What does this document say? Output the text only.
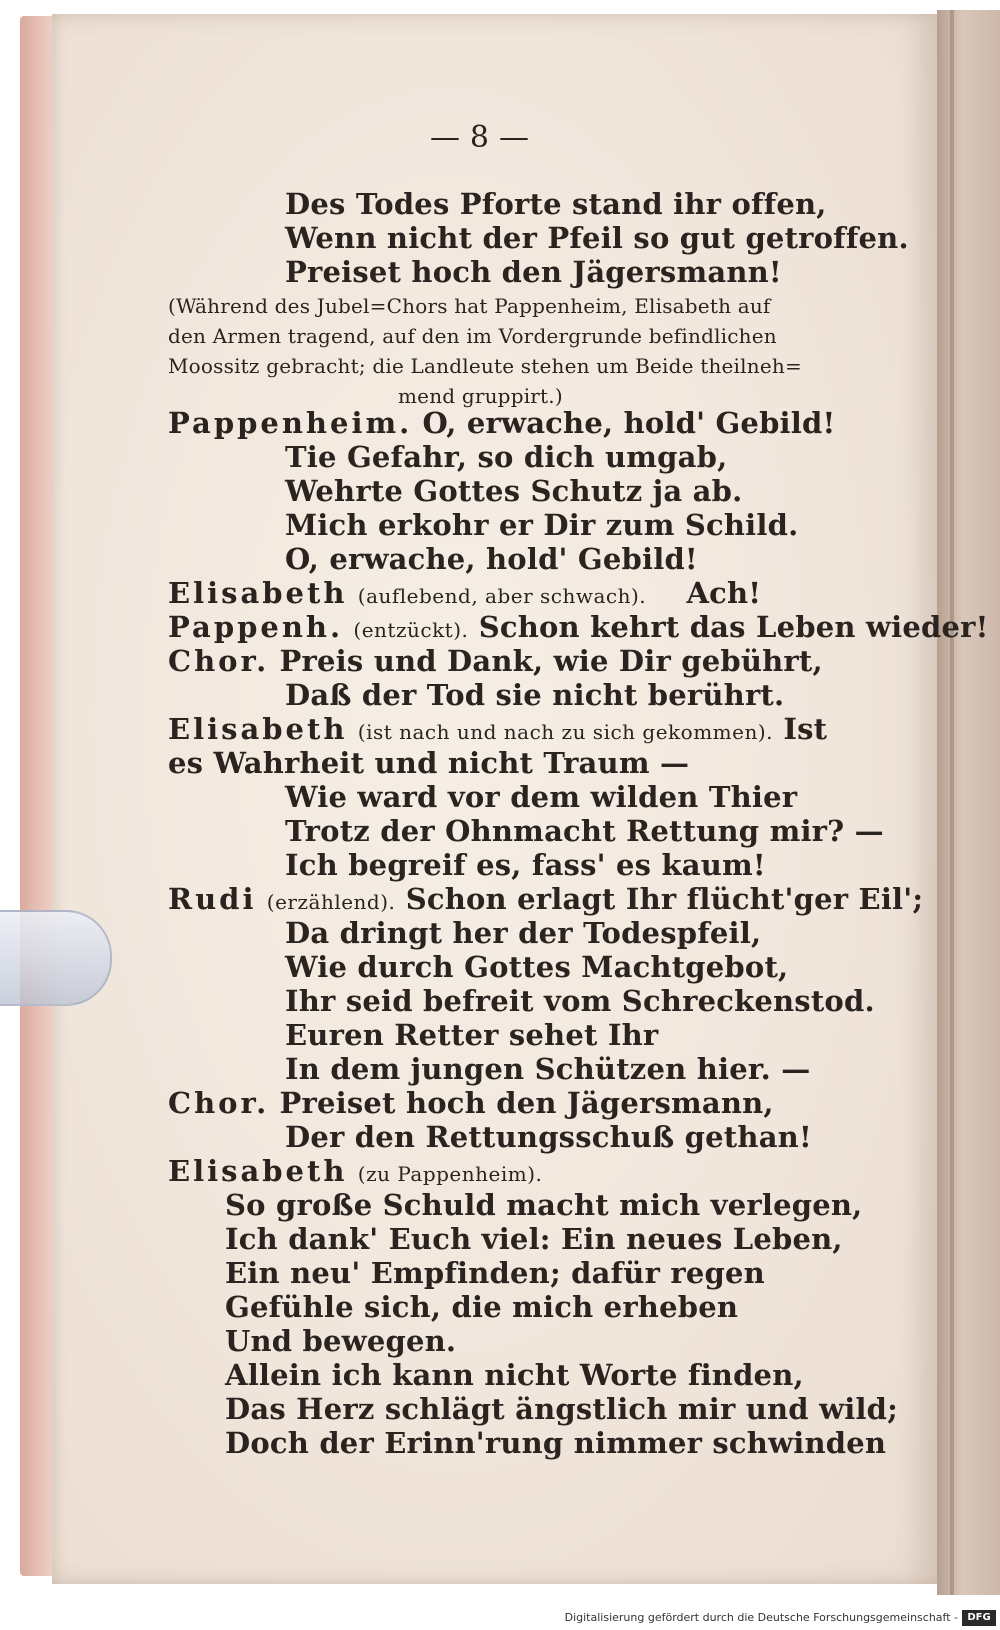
— 8 —
Des Todes Pforte stand ihr offen,
Wenn nicht der Pfeil so gut getroffen.
Preiset hoch den Jägersmann!
(Während des Jubel=Chors hat Pappenheim, Elisabeth auf
den Armen tragend, auf den im Vordergrunde befindlichen
Moossitz gebracht; die Landleute stehen um Beide theilneh=
mend gruppirt.)
Pappenheim. O, erwache, hold' Gebild!
Tie Gefahr, so dich umgab,
Wehrte Gottes Schutz ja ab.
Mich erkohr er Dir zum Schild.
O, erwache, hold' Gebild!
Elisabeth (auflebend, aber schwach). Ach!
Pappenh. (entzückt). Schon kehrt das Leben wieder!
Chor. Preis und Dank, wie Dir gebührt,
Daß der Tod sie nicht berührt.
Elisabeth (ist nach und nach zu sich gekommen). Ist
es Wahrheit und nicht Traum —
Wie ward vor dem wilden Thier
Trotz der Ohnmacht Rettung mir? —
Ich begreif es, fass' es kaum!
Rudi (erzählend). Schon erlagt Ihr flücht'ger Eil';
Da dringt her der Todespfeil,
Wie durch Gottes Machtgebot,
Ihr seid befreit vom Schreckenstod.
Euren Retter sehet Ihr
In dem jungen Schützen hier. —
Chor. Preiset hoch den Jägersmann,
Der den Rettungsschuß gethan!
Elisabeth (zu Pappenheim).
So große Schuld macht mich verlegen,
Ich dank' Euch viel: Ein neues Leben,
Ein neu' Empfinden; dafür regen
Gefühle sich, die mich erheben
Und bewegen.
Allein ich kann nicht Worte finden,
Das Herz schlägt ängstlich mir und wild;
Doch der Erinn'rung nimmer schwinden
Digitalisierung gefördert durch die Deutsche Forschungsgemeinschaft - DFG
